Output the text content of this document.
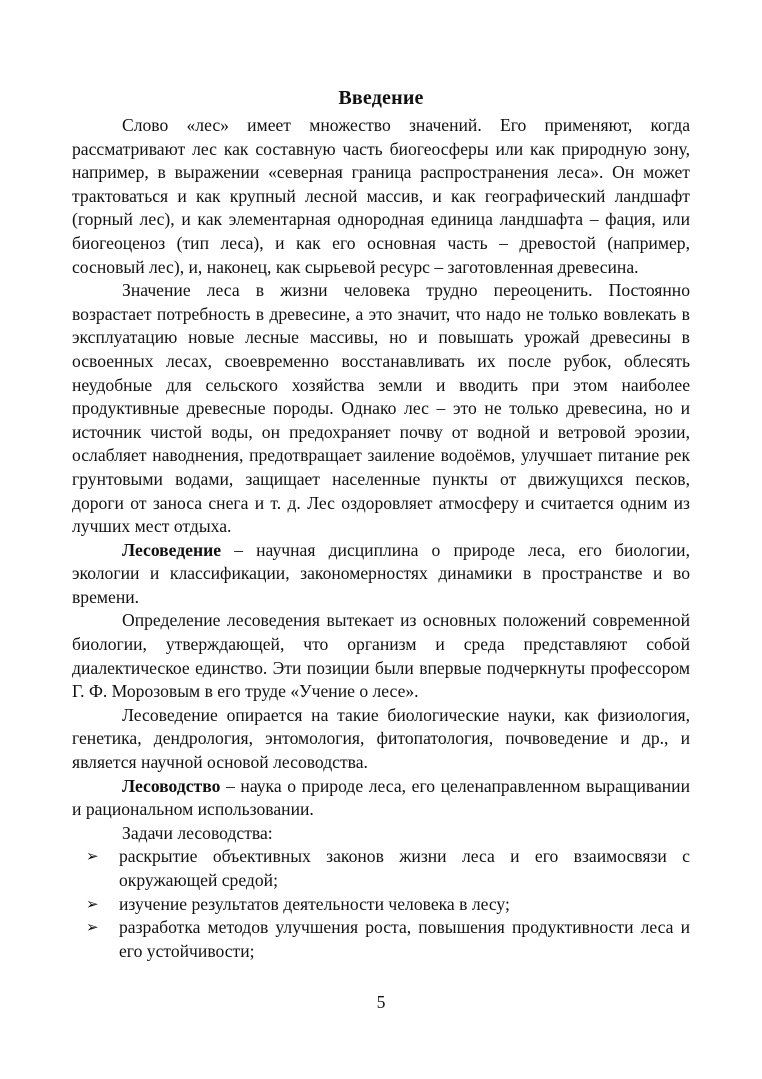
Введение

Слово «лес» имеет множество значений. Его применяют, когда рассматривают лес как составную часть биогеосферы или как природную зону, например, в выражении «северная граница распространения леса». Он может трактоваться и как крупный лесной массив, и как географический ландшафт (горный лес), и как элементарная однородная единица ландшафта – фация, или биогеоценоз (тип леса), и как его основная часть – древостой (например, сосновый лес), и, наконец, как сырьевой ресурс – заготовленная древесина.

Значение леса в жизни человека трудно переоценить. Постоянно возрастает потребность в древесине, а это значит, что надо не только вовлекать в эксплуатацию новые лесные массивы, но и повышать урожай древесины в освоенных лесах, своевременно восстанавливать их после рубок, облесять неудобные для сельского хозяйства земли и вводить при этом наиболее продуктивные древесные породы. Однако лес – это не только древесина, но и источник чистой воды, он предохраняет почву от водной и ветровой эрозии, ослабляет наводнения, предотвращает заиление водоёмов, улучшает питание рек грунтовыми водами, защищает населенные пункты от движущихся песков, дороги от заноса снега и т. д. Лес оздоровляет атмосферу и считается одним из лучших мест отдыха.

Лесоведение – научная дисциплина о природе леса, его биологии, экологии и классификации, закономерностях динамики в пространстве и во времени.

Определение лесоведения вытекает из основных положений современной биологии, утверждающей, что организм и среда представляют собой диалектическое единство. Эти позиции были впервые подчеркнуты профессором Г. Ф. Морозовым в его труде «Учение о лесе».

Лесоведение опирается на такие биологические науки, как физиология, генетика, дендрология, энтомология, фитопатология, почвоведение и др., и является научной основой лесоводства.

Лесоводство – наука о природе леса, его целенаправленном выращивании и рациональном использовании.

Задачи лесоводства:

➢ раскрытие объективных законов жизни леса и его взаимосвязи с окружающей средой;
➢ изучение результатов деятельности человека в лесу;
➢ разработка методов улучшения роста, повышения продуктивности леса и его устойчивости;
5
